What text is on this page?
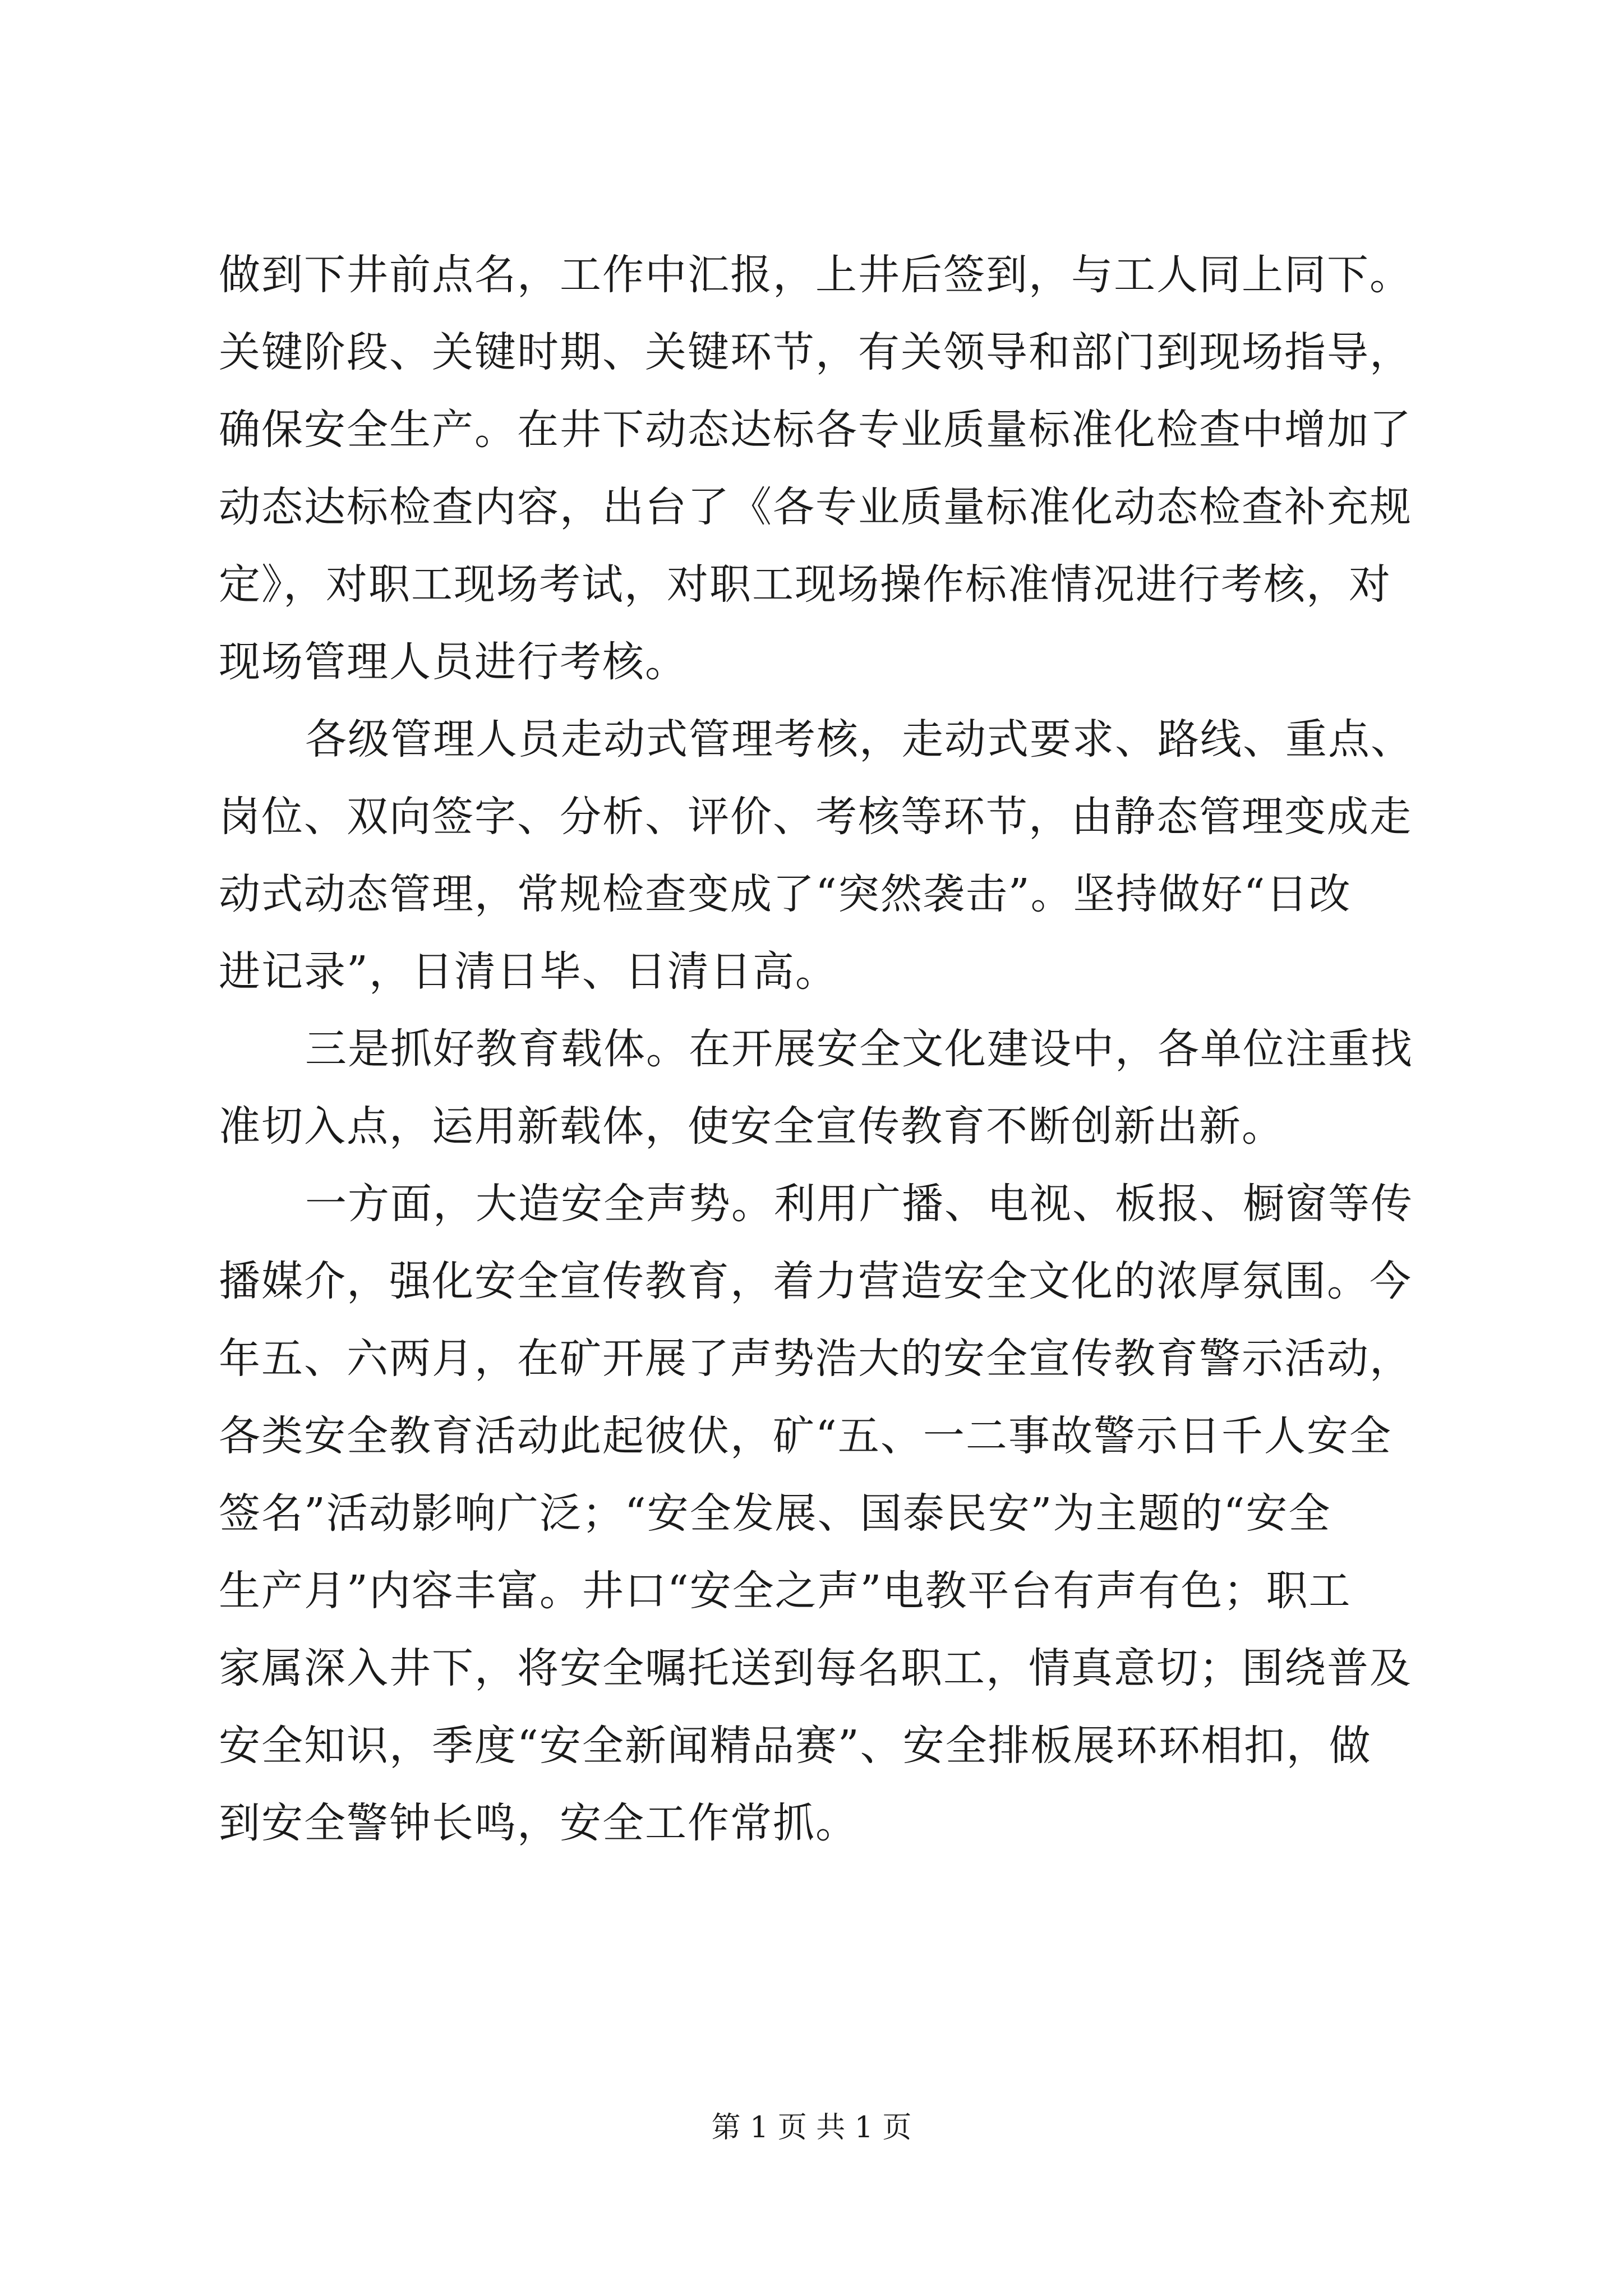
做到下井前点名，工作中汇报，上井后签到，与工人同上同下。
关键阶段、关键时期、关键环节，有关领导和部门到现场指导，
确保安全生产。在井下动态达标各专业质量标准化检查中增加了
动态达标检查内容，出台了《各专业质量标准化动态检查补充规
定》，对职工现场考试，对职工现场操作标准情况进行考核，对
现场管理人员进行考核。
各级管理人员走动式管理考核，走动式要求、路线、重点、
岗位、双向签字、分析、评价、考核等环节，由静态管理变成走
动式动态管理，常规检查变成了“突然袭击”。坚持做好“日改
进记录”，日清日毕、日清日高。
三是抓好教育载体。在开展安全文化建设中，各单位注重找
准切入点，运用新载体，使安全宣传教育不断创新出新。
一方面，大造安全声势。利用广播、电视、板报、橱窗等传
播媒介，强化安全宣传教育，着力营造安全文化的浓厚氛围。今
年五、六两月，在矿开展了声势浩大的安全宣传教育警示活动，
各类安全教育活动此起彼伏，矿“五、一二事故警示日千人安全
签名”活动影响广泛；“安全发展、国泰民安”为主题的“安全
生产月”内容丰富。井口“安全之声”电教平台有声有色；职工
家属深入井下，将安全嘱托送到每名职工，情真意切；围绕普及
安全知识，季度“安全新闻精品赛”、安全排板展环环相扣，做
到安全警钟长鸣，安全工作常抓。
第 1 页 共 1 页
